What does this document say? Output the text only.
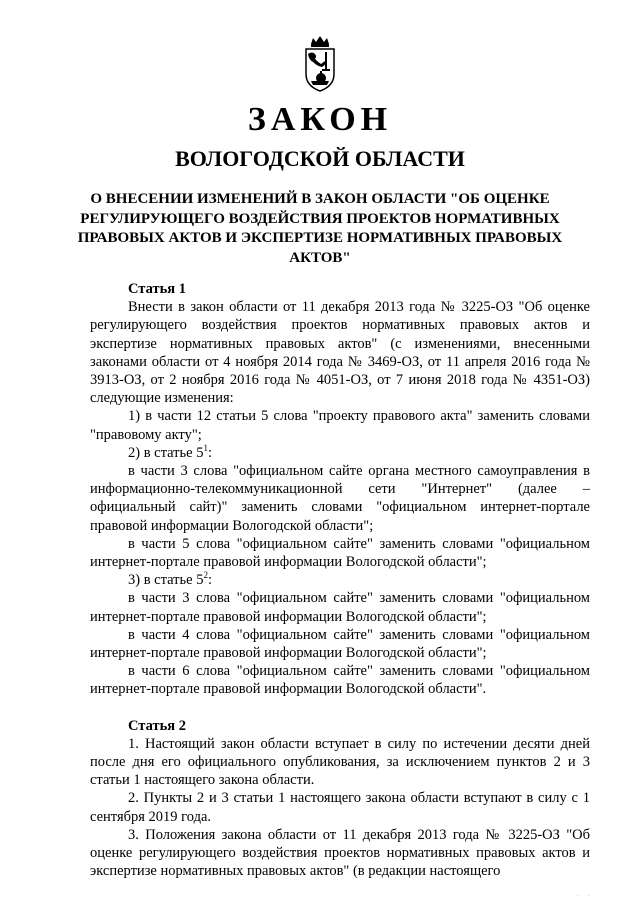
ЗАКОН
ВОЛОГОДСКОЙ ОБЛАСТИ
О ВНЕСЕНИИ ИЗМЕНЕНИЙ В ЗАКОН ОБЛАСТИ "ОБ ОЦЕНКЕ РЕГУЛИРУЮЩЕГО ВОЗДЕЙСТВИЯ ПРОЕКТОВ НОРМАТИВНЫХ ПРАВОВЫХ АКТОВ И ЭКСПЕРТИЗЕ НОРМАТИВНЫХ ПРАВОВЫХ АКТОВ"

Статья 1

Внести в закон области от 11 декабря 2013 года № 3225-ОЗ "Об оценке регулирующего воздействия проектов нормативных правовых актов и экспертизе нормативных правовых актов" (с изменениями, внесенными законами области от 4 ноября 2014 года № 3469-ОЗ, от 11 апреля 2016 года № 3913-ОЗ, от 2 ноября 2016 года № 4051-ОЗ, от 7 июня 2018 года № 4351-ОЗ) следующие изменения:

1) в части 12 статьи 5 слова "проекту правового акта" заменить словами "правовому акту";

2) в статье $5^1$:

в части 3 слова "официальном сайте органа местного самоуправления в информационно-телекоммуникационной сети "Интернет" (далее – официальный сайт)" заменить словами "официальном интернет-портале правовой информации Вологодской области";

в части 5 слова "официальном сайте" заменить словами "официальном интернет-портале правовой информации Вологодской области";

3) в статье $5^2$:

в части 3 слова "официальном сайте" заменить словами "официальном интернет-портале правовой информации Вологодской области";

в части 4 слова "официальном сайте" заменить словами "официальном интернет-портале правовой информации Вологодской области";

в части 6 слова "официальном сайте" заменить словами "официальном интернет-портале правовой информации Вологодской области".

Статья 2

1. Настоящий закон области вступает в силу по истечении десяти дней после дня его официального опубликования, за исключением пунктов 2 и 3 статьи 1 настоящего закона области.

2. Пункты 2 и 3 статьи 1 настоящего закона области вступают в силу с 1 сентября 2019 года.

3. Положения закона области от 11 декабря 2013 года № 3225-ОЗ "Об оценке регулирующего воздействия проектов нормативных правовых актов и экспертизе нормативных правовых актов" (в редакции настоящего

· ·
